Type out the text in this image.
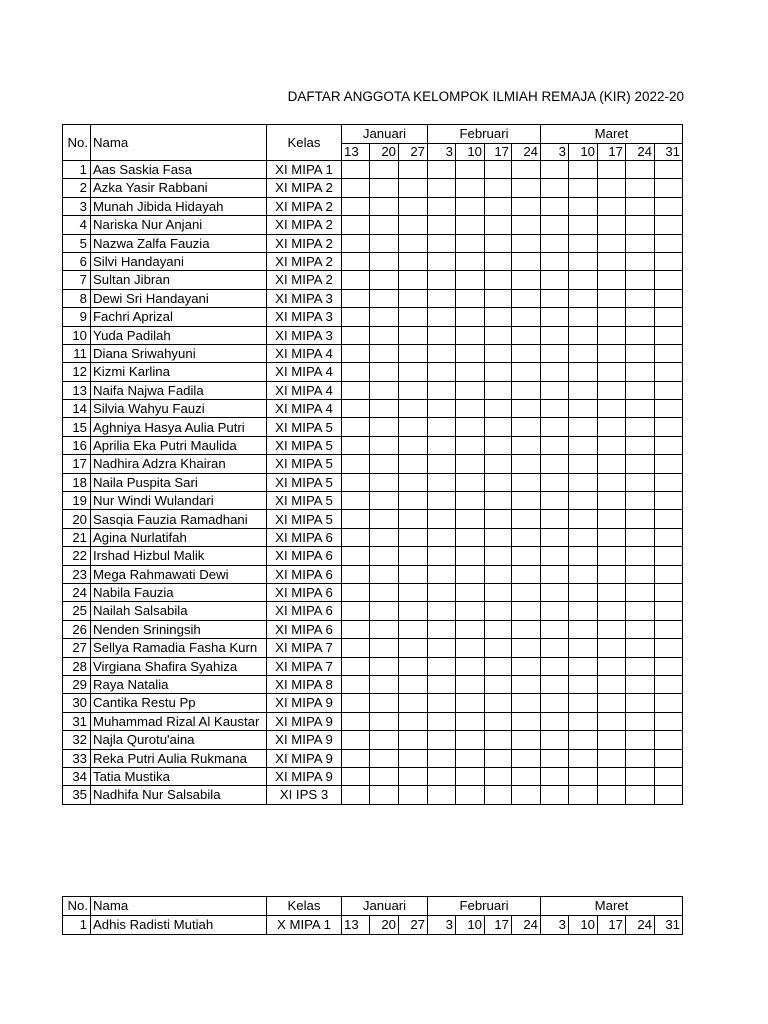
DAFTAR ANGGOTA KELOMPOK ILMIAH REMAJA (KIR) 2022-20
No.	Nama	Kelas	Januari			Februari				Maret				
			13	20	27	3	10	17	24	3	10	17	24	31
1	Aas Saskia Fasa	XI MIPA 1												
2	Azka Yasir Rabbani	XI MIPA 2												
3	Munah Jibida Hidayah	XI MIPA 2												
4	Nariska Nur Anjani	XI MIPA 2												
5	Nazwa Zalfa Fauzia	XI MIPA 2												
6	Silvi Handayani	XI MIPA 2												
7	Sultan Jibran	XI MIPA 2												
8	Dewi Sri Handayani	XI MIPA 3												
9	Fachri Aprizal	XI MIPA 3												
10	Yuda Padilah	XI MIPA 3												
11	Diana Sriwahyuni	XI MIPA 4												
12	Kizmi Karlina	XI MIPA 4												
13	Naifa Najwa Fadila	XI MIPA 4												
14	Silvia Wahyu Fauzi	XI MIPA 4												
15	Aghniya Hasya Aulia Putri	XI MIPA 5												
16	Aprilia Eka Putri Maulida	XI MIPA 5												
17	Nadhira Adzra Khairan	XI MIPA 5												
18	Naila Puspita Sari	XI MIPA 5												
19	Nur Windi Wulandari	XI MIPA 5												
20	Sasqia Fauzia Ramadhani	XI MIPA 5												
21	Agina Nurlatifah	XI MIPA 6												
22	Irshad Hizbul Malik	XI MIPA 6												
23	Mega Rahmawati Dewi	XI MIPA 6												
24	Nabila Fauzia	XI MIPA 6												
25	Nailah Salsabila	XI MIPA 6												
26	Nenden Sriningsih	XI MIPA 6												
27	Sellya Ramadia Fasha Kurn	XI MIPA 7												
28	Virgiana Shafira Syahiza	XI MIPA 7												
29	Raya Natalia	XI MIPA 8												
30	Cantika Restu Pp	XI MIPA 9												
31	Muhammad Rizal Al Kaustar	XI MIPA 9												
32	Najla Qurotu'aina	XI MIPA 9												
33	Reka Putri Aulia Rukmana	XI MIPA 9												
34	Tatia Mustika	XI MIPA 9												
35	Nadhifa Nur Salsabila	XI IPS 3												
No.	Nama	Kelas	Januari			Februari				Maret				
1	Adhis Radisti Mutiah	X MIPA 1	13	20	27	3	10	17	24	3	10	17	24	31
